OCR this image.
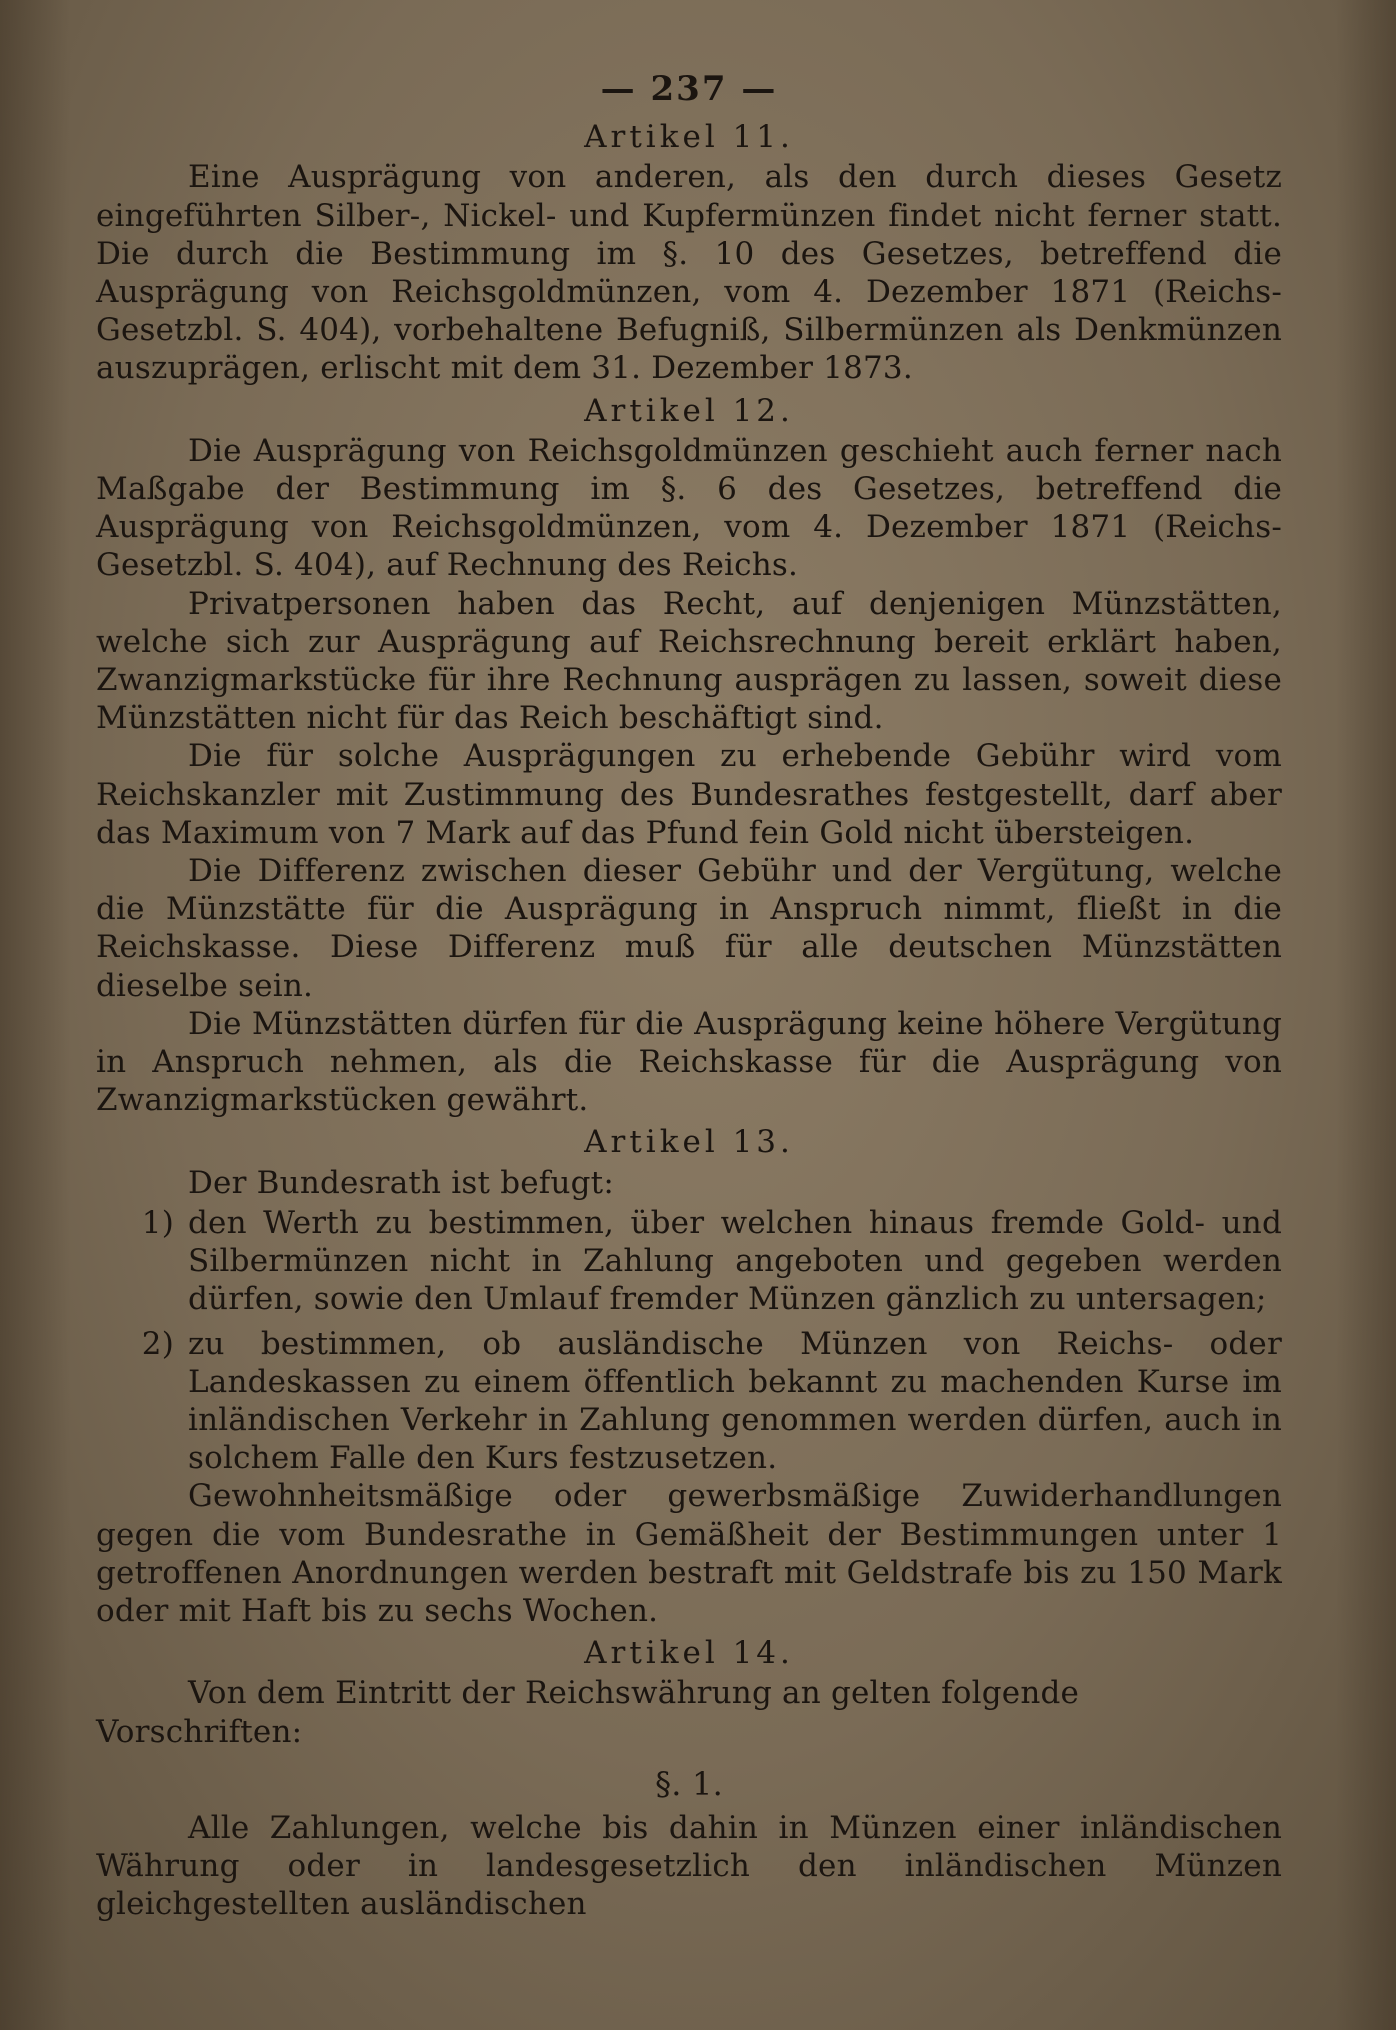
— 237 —
Artikel 11.

Eine Ausprägung von anderen, als den durch dieses Gesetz eingeführten Silber-, Nickel- und Kupfermünzen findet nicht ferner statt. Die durch die Bestimmung im §. 10 des Gesetzes, betreffend die Ausprägung von Reichsgoldmünzen, vom 4. Dezember 1871 (Reichs-Gesetzbl. S. 404), vorbehaltene Befugniß, Silbermünzen als Denkmünzen auszuprägen, erlischt mit dem 31. Dezember 1873.

Artikel 12.

Die Ausprägung von Reichsgoldmünzen geschieht auch ferner nach Maßgabe der Bestimmung im §. 6 des Gesetzes, betreffend die Ausprägung von Reichsgoldmünzen, vom 4. Dezember 1871 (Reichs-Gesetzbl. S. 404), auf Rechnung des Reichs.

Privatpersonen haben das Recht, auf denjenigen Münzstätten, welche sich zur Ausprägung auf Reichsrechnung bereit erklärt haben, Zwanzigmarkstücke für ihre Rechnung ausprägen zu lassen, soweit diese Münzstätten nicht für das Reich beschäftigt sind.

Die für solche Ausprägungen zu erhebende Gebühr wird vom Reichskanzler mit Zustimmung des Bundesrathes festgestellt, darf aber das Maximum von 7 Mark auf das Pfund fein Gold nicht übersteigen.

Die Differenz zwischen dieser Gebühr und der Vergütung, welche die Münzstätte für die Ausprägung in Anspruch nimmt, fließt in die Reichskasse. Diese Differenz muß für alle deutschen Münzstätten dieselbe sein.

Die Münzstätten dürfen für die Ausprägung keine höhere Vergütung in Anspruch nehmen, als die Reichskasse für die Ausprägung von Zwanzigmarkstücken gewährt.

Artikel 13.

Der Bundesrath ist befugt:

1) den Werth zu bestimmen, über welchen hinaus fremde Gold- und Silbermünzen nicht in Zahlung angeboten und gegeben werden dürfen, sowie den Umlauf fremder Münzen gänzlich zu untersagen;
2) zu bestimmen, ob ausländische Münzen von Reichs- oder Landeskassen zu einem öffentlich bekannt zu machenden Kurse im inländischen Verkehr in Zahlung genommen werden dürfen, auch in solchem Falle den Kurs festzusetzen.

Gewohnheitsmäßige oder gewerbsmäßige Zuwiderhandlungen gegen die vom Bundesrathe in Gemäßheit der Bestimmungen unter 1 getroffenen Anordnungen werden bestraft mit Geldstrafe bis zu 150 Mark oder mit Haft bis zu sechs Wochen.

Artikel 14.

Von dem Eintritt der Reichswährung an gelten folgende Vorschriften:

§. 1.

Alle Zahlungen, welche bis dahin in Münzen einer inländischen Währung oder in landesgesetzlich den inländischen Münzen gleichgestellten ausländischen
